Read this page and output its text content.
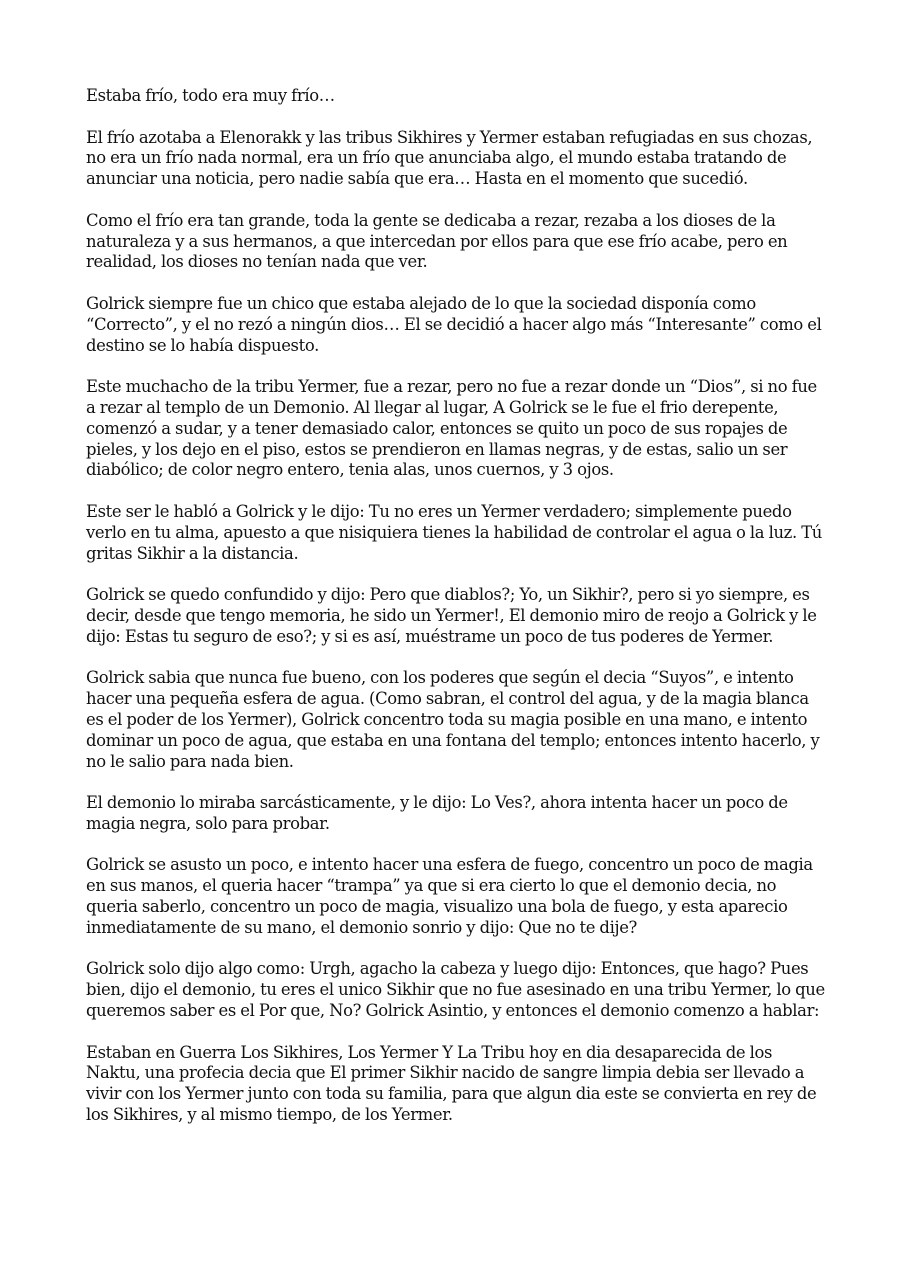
Estaba frío, todo era muy frío…

El frío azotaba a Elenorakk y las tribus Sikhires y Yermer estaban refugiadas en sus chozas, no era un frío nada normal, era un frío que anunciaba algo, el mundo estaba tratando de anunciar una noticia, pero nadie sabía que era… Hasta en el momento que sucedió.

Como el frío era tan grande, toda la gente se dedicaba a rezar, rezaba a los dioses de la naturaleza y a sus hermanos, a que intercedan por ellos para que ese frío acabe, pero en realidad, los dioses no tenían nada que ver.

Golrick siempre fue un chico que estaba alejado de lo que la sociedad disponía como “Correcto”, y el no rezó a ningún dios… El se decidió a hacer algo más “Interesante” como el destino se lo había dispuesto.

Este muchacho de la tribu Yermer, fue a rezar, pero no fue a rezar donde un “Dios”, si no fue a rezar al templo de un Demonio. Al llegar al lugar, A Golrick se le fue el frio derepente, comenzó a sudar, y a tener demasiado calor, entonces se quito un poco de sus ropajes de pieles, y los dejo en el piso, estos se prendieron en llamas negras, y de estas, salio un ser diabólico; de color negro entero, tenia alas, unos cuernos, y 3 ojos.

Este ser le habló a Golrick y le dijo: Tu no eres un Yermer verdadero; simplemente puedo verlo en tu alma, apuesto a que nisiquiera tienes la habilidad de controlar el agua o la luz. Tú gritas Sikhir a la distancia.

Golrick se quedo confundido y dijo: Pero que diablos?; Yo, un Sikhir?, pero si yo siempre, es decir, desde que tengo memoria, he sido un Yermer!, El demonio miro de reojo a Golrick y le dijo: Estas tu seguro de eso?; y si es así, muéstrame un poco de tus poderes de Yermer.

Golrick sabia que nunca fue bueno, con los poderes que según el decia “Suyos”, e intento hacer una pequeña esfera de agua. (Como sabran, el control del agua, y de la magia blanca es el poder de los Yermer), Golrick concentro toda su magia posible en una mano, e intento dominar un poco de agua, que estaba en una fontana del templo; entonces intento hacerlo, y no le salio para nada bien.

El demonio lo miraba sarcásticamente, y le dijo: Lo Ves?, ahora intenta hacer un poco de magia negra, solo para probar.

Golrick se asusto un poco, e intento hacer una esfera de fuego, concentro un poco de magia en sus manos, el queria hacer “trampa” ya que si era cierto lo que el demonio decia, no queria saberlo, concentro un poco de magia, visualizo una bola de fuego, y esta aparecio inmediatamente de su mano, el demonio sonrio y dijo: Que no te dije?

Golrick solo dijo algo como: Urgh, agacho la cabeza y luego dijo: Entonces, que hago? Pues bien, dijo el demonio, tu eres el unico Sikhir que no fue asesinado en una tribu Yermer, lo que queremos saber es el Por que, No? Golrick Asintio, y entonces el demonio comenzo a hablar:

Estaban en Guerra Los Sikhires, Los Yermer Y La Tribu hoy en dia desaparecida de los Naktu, una profecia decia que El primer Sikhir nacido de sangre limpia debia ser llevado a vivir con los Yermer junto con toda su familia, para que algun dia este se convierta en rey de los Sikhires, y al mismo tiempo, de los Yermer.
